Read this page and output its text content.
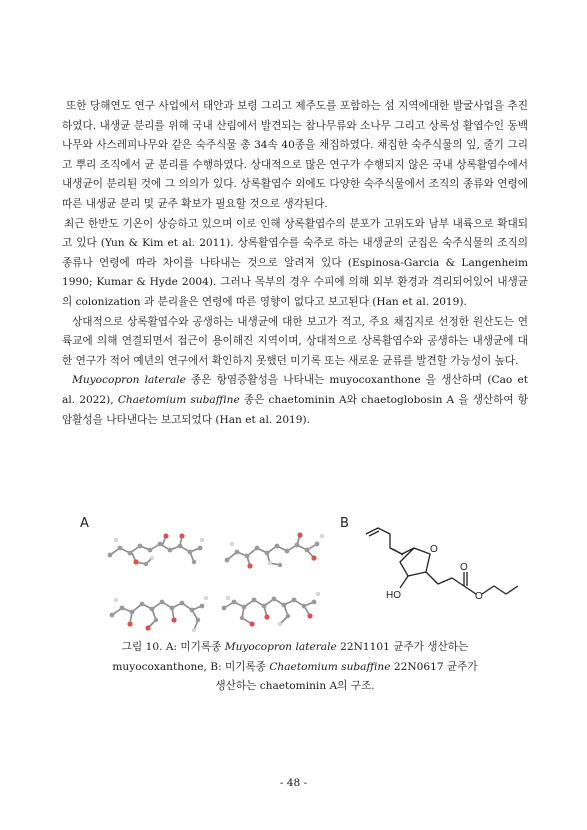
또한 당해연도 연구 사업에서 태안과 보령 그리고 제주도를 포함하는 섬 지역에대한 발굴사업을 추진하였다. 내생균 분리를 위해 국내 산림에서 발견되는 참나무류와 소나무 그리고 상록성 활엽수인 동백나무와 사스레피나무와 같은 숙주식물 총 34속 40종을 채집하였다. 채집한 숙주식물의 잎, 줄기 그리고 뿌리 조직에서 균 분리를 수행하였다. 상대적으로 많은 연구가 수행되지 않은 국내 상록활엽수에서 내생균이 분리된 것에 그 의의가 있다. 상록활엽수 외에도 다양한 숙주식물에서 조직의 종류와 연령에 따른 내생균 분리 및 균주 확보가 필요할 것으로 생각된다.

최근 한반도 기온이 상승하고 있으며 이로 인해 상록활엽수의 분포가 고위도와 남부 내륙으로 확대되고 있다 (Yun & Kim et al. 2011). 상록활엽수를 숙주로 하는 내생균의 군집은 숙주식물의 조직의 종류나 연령에 따라 차이를 나타내는 것으로 알려져 있다 (Espinosa-Garcia & Langenheim 1990; Kumar & Hyde 2004). 그러나 목부의 경우 수피에 의해 외부 환경과 격리되어있어 내생균의 colonization 과 분리율은 연령에 따른 영향이 없다고 보고된다 (Han et al. 2019).

상대적으로 상록활엽수와 공생하는 내생균에 대한 보고가 적고, 주요 채집지로 선정한 원산도는 연륙교에 의해 연결되면서 접근이 용이해진 지역이며, 상대적으로 상록활엽수와 공생하는 내생균에 대한 연구가 적어 예년의 연구에서 확인하지 못했던 미기록 또는 새로운 균류를 발견할 가능성이 높다.

Muyocopron laterale 종은 항염증활성을 나타내는 muyocoxanthone 을 생산하며 (Cao et al. 2022), Chaetomium subaffine 종은 chaetominin A와 chaetoglobosin A 을 생산하여 항암활성을 나타낸다는 보고되었다 (Han et al. 2019).

A	B
O
HO
O
O

그림 10. A: 미기록종 Muyocopron laterale 22N1101 균주가 생산하는

muyocoxanthone, B: 미기록종 Chaetomium subaffine 22N0617 균주가

생산하는 chaetominin A의 구조.

- 48 -
